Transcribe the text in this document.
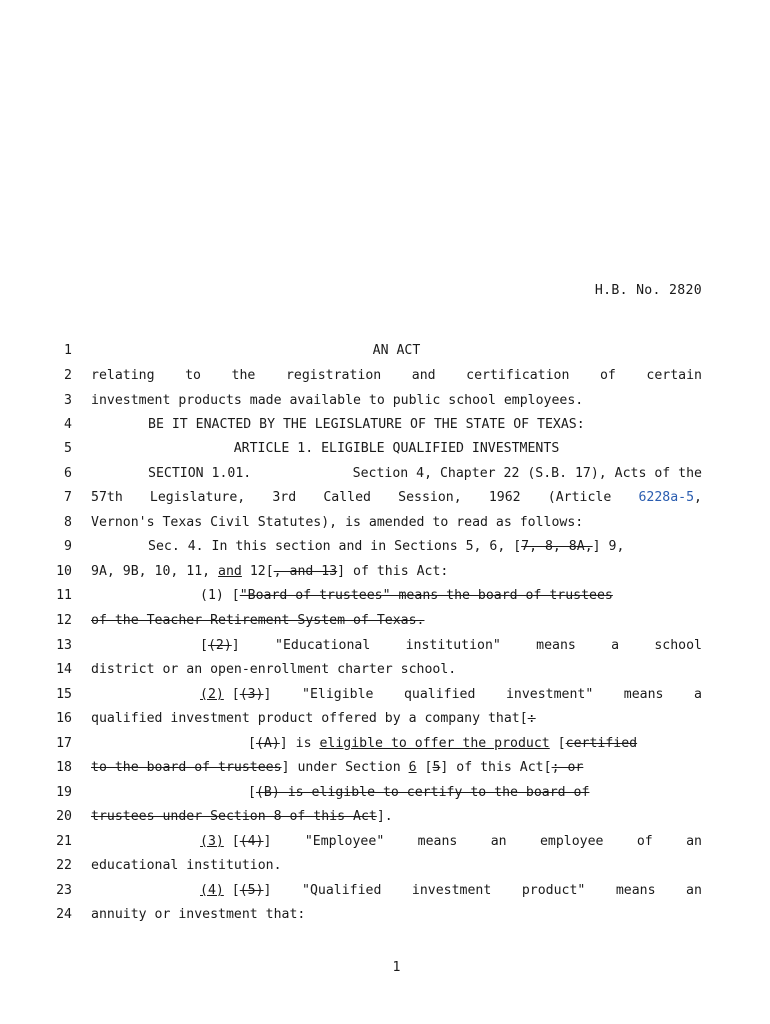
H.B. No. 2820
1	AN ACT
2 relating to the registration and certification of certain
3 investment products made available to public school employees.
4	BE IT ENACTED BY THE LEGISLATURE OF THE STATE OF TEXAS:
5	ARTICLE 1. ELIGIBLE QUALIFIED INVESTMENTS
6	SECTION 1.01.	Section 4, Chapter 22 (S.B. 17), Acts of the
7 57th Legislature, 3rd Called Session, 1962 (Article 6228a-5,
8 Vernon's Texas Civil Statutes), is amended to read as follows:
9	Sec. 4. In this section and in Sections 5, 6, [7, 8, 8A,] 9,
10 9A, 9B, 10, 11, and 12[, and 13] of this Act:
11	(1) ["Board of trustees" means the board of trustees
12 of the Teacher Retirement System of Texas.
13	[(2)]	"Educational	institution"	means	a	school
14 district or an open-enrollment charter school.
15	(2) [(3)] "Eligible qualified investment" means a
16 qualified investment product offered by a company that[:
17	[(A)] is eligible to offer the product [certified
18 to the board of trustees] under Section 6 [5] of this Act[; or
19	[(B) is eligible to certify to the board of
20 trustees under Section 8 of this Act].
21	(3) [(4)]	"Employee"	means	an	employee	of	an
22 educational institution.
23	(4) [(5)] "Qualified investment product" means an
24 annuity or investment that:
1
